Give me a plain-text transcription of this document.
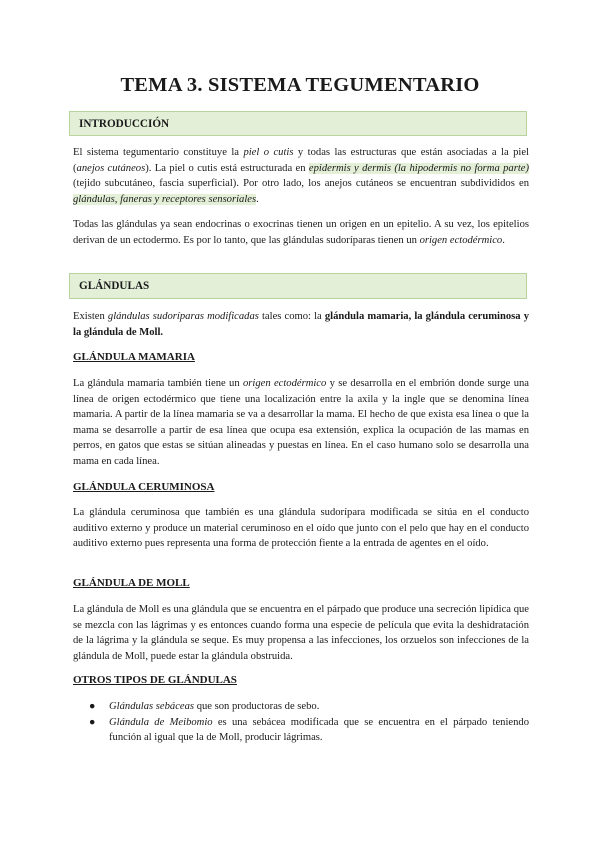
TEMA 3. SISTEMA TEGUMENTARIO
INTRODUCCIÓN

El sistema tegumentario constituye la piel o cutis y todas las estructuras que están asociadas a la piel (anejos cutáneos). La piel o cutis está estructurada en epidermis y dermis (la hipodermis no forma parte) (tejido subcutáneo, fascia superficial). Por otro lado, los anejos cutáneos se encuentran subdivididos en glándulas, faneras y receptores sensoriales.

Todas las glándulas ya sean endocrinas o exocrinas tienen un origen en un epitelio. A su vez, los epitelios derivan de un ectodermo. Es por lo tanto, que las glándulas sudoríparas tienen un origen ectodérmico.

GLÁNDULAS

Existen glándulas sudoríparas modificadas tales como: la glándula mamaria, la glándula ceruminosa y la glándula de Moll.

GLÁNDULA MAMARIA

La glándula mamaria también tiene un origen ectodérmico y se desarrolla en el embrión donde surge una línea de origen ectodérmico que tiene una localización entre la axila y la ingle que se denomina línea mamaria. A partir de la línea mamaria se va a desarrollar la mama. El hecho de que exista esa línea o que la mama se desarrolle a partir de esa línea que ocupa esa extensión, explica la ocupación de las mamas en perros, en gatos que estas se sitúan alineadas y puestas en línea. En el caso humano solo se desarrolla una mama en cada línea.

GLÁNDULA CERUMINOSA

La glándula ceruminosa que también es una glándula sudorípara modificada se sitúa en el conducto auditivo externo y produce un material ceruminoso en el oído que junto con el pelo que hay en el conducto auditivo externo pues representa una forma de protección fiente a la entrada de agentes en el oído.

GLÁNDULA DE MOLL

La glándula de Moll es una glándula que se encuentra en el párpado que produce una secreción lipídica que se mezcla con las lágrimas y es entonces cuando forma una especie de película que evita la deshidratación de la lágrima y la glándula se seque. Es muy propensa a las infecciones, los orzuelos son infecciones de la glándula de Moll, puede estar la glándula obstruida.

OTROS TIPOS DE GLÁNDULAS
● Glándulas sebáceas que son productoras de sebo.
● Glándula de Meibomio es una sebácea modificada que se encuentra en el párpado teniendo función al igual que la de Moll, producir lágrimas.
